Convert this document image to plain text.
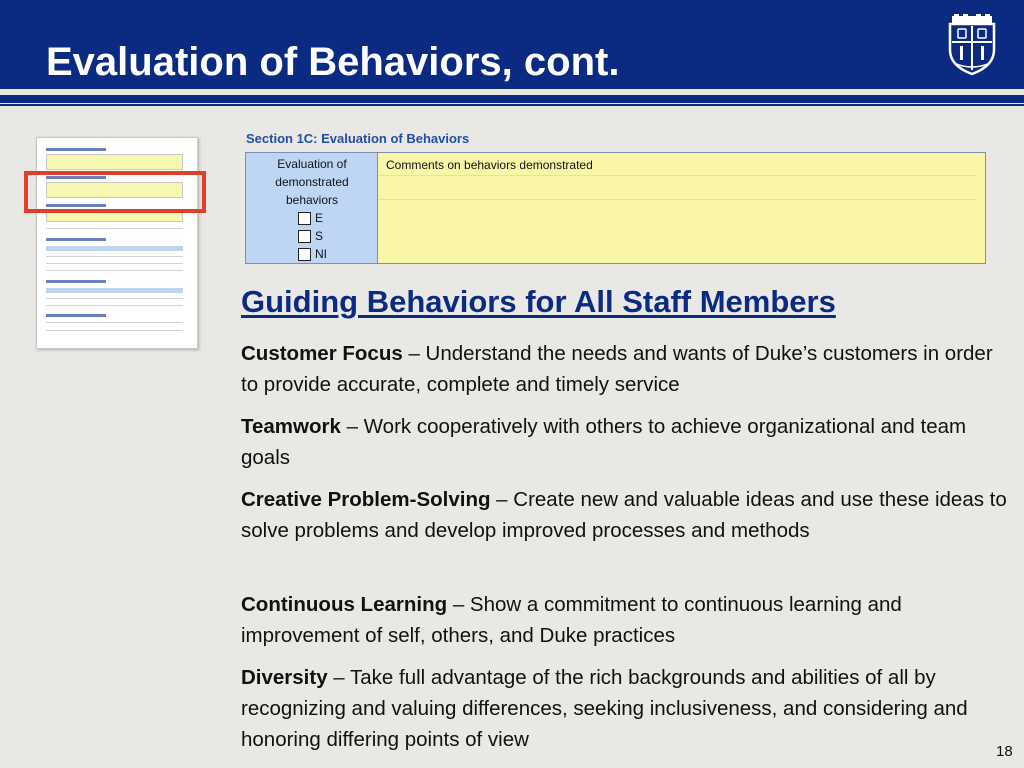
Evaluation of Behaviors, cont.
Section 1C: Evaluation of Behaviors
Evaluation of demonstrated behaviors
E
S
NI
Comments on behaviors demonstrated
Guiding Behaviors for All Staff Members
Customer Focus – Understand the needs and wants of Duke’s customers in order to provide accurate, complete and timely service
Teamwork – Work cooperatively with others to achieve organizational and team goals
Creative Problem-Solving – Create new and valuable ideas and use these ideas to solve problems and develop improved processes and methods
Continuous Learning – Show a commitment to continuous learning and improvement of self, others, and Duke practices
Diversity – Take full advantage of the rich backgrounds and abilities of all by recognizing and valuing differences, seeking inclusiveness, and considering and honoring differing points of view
18
